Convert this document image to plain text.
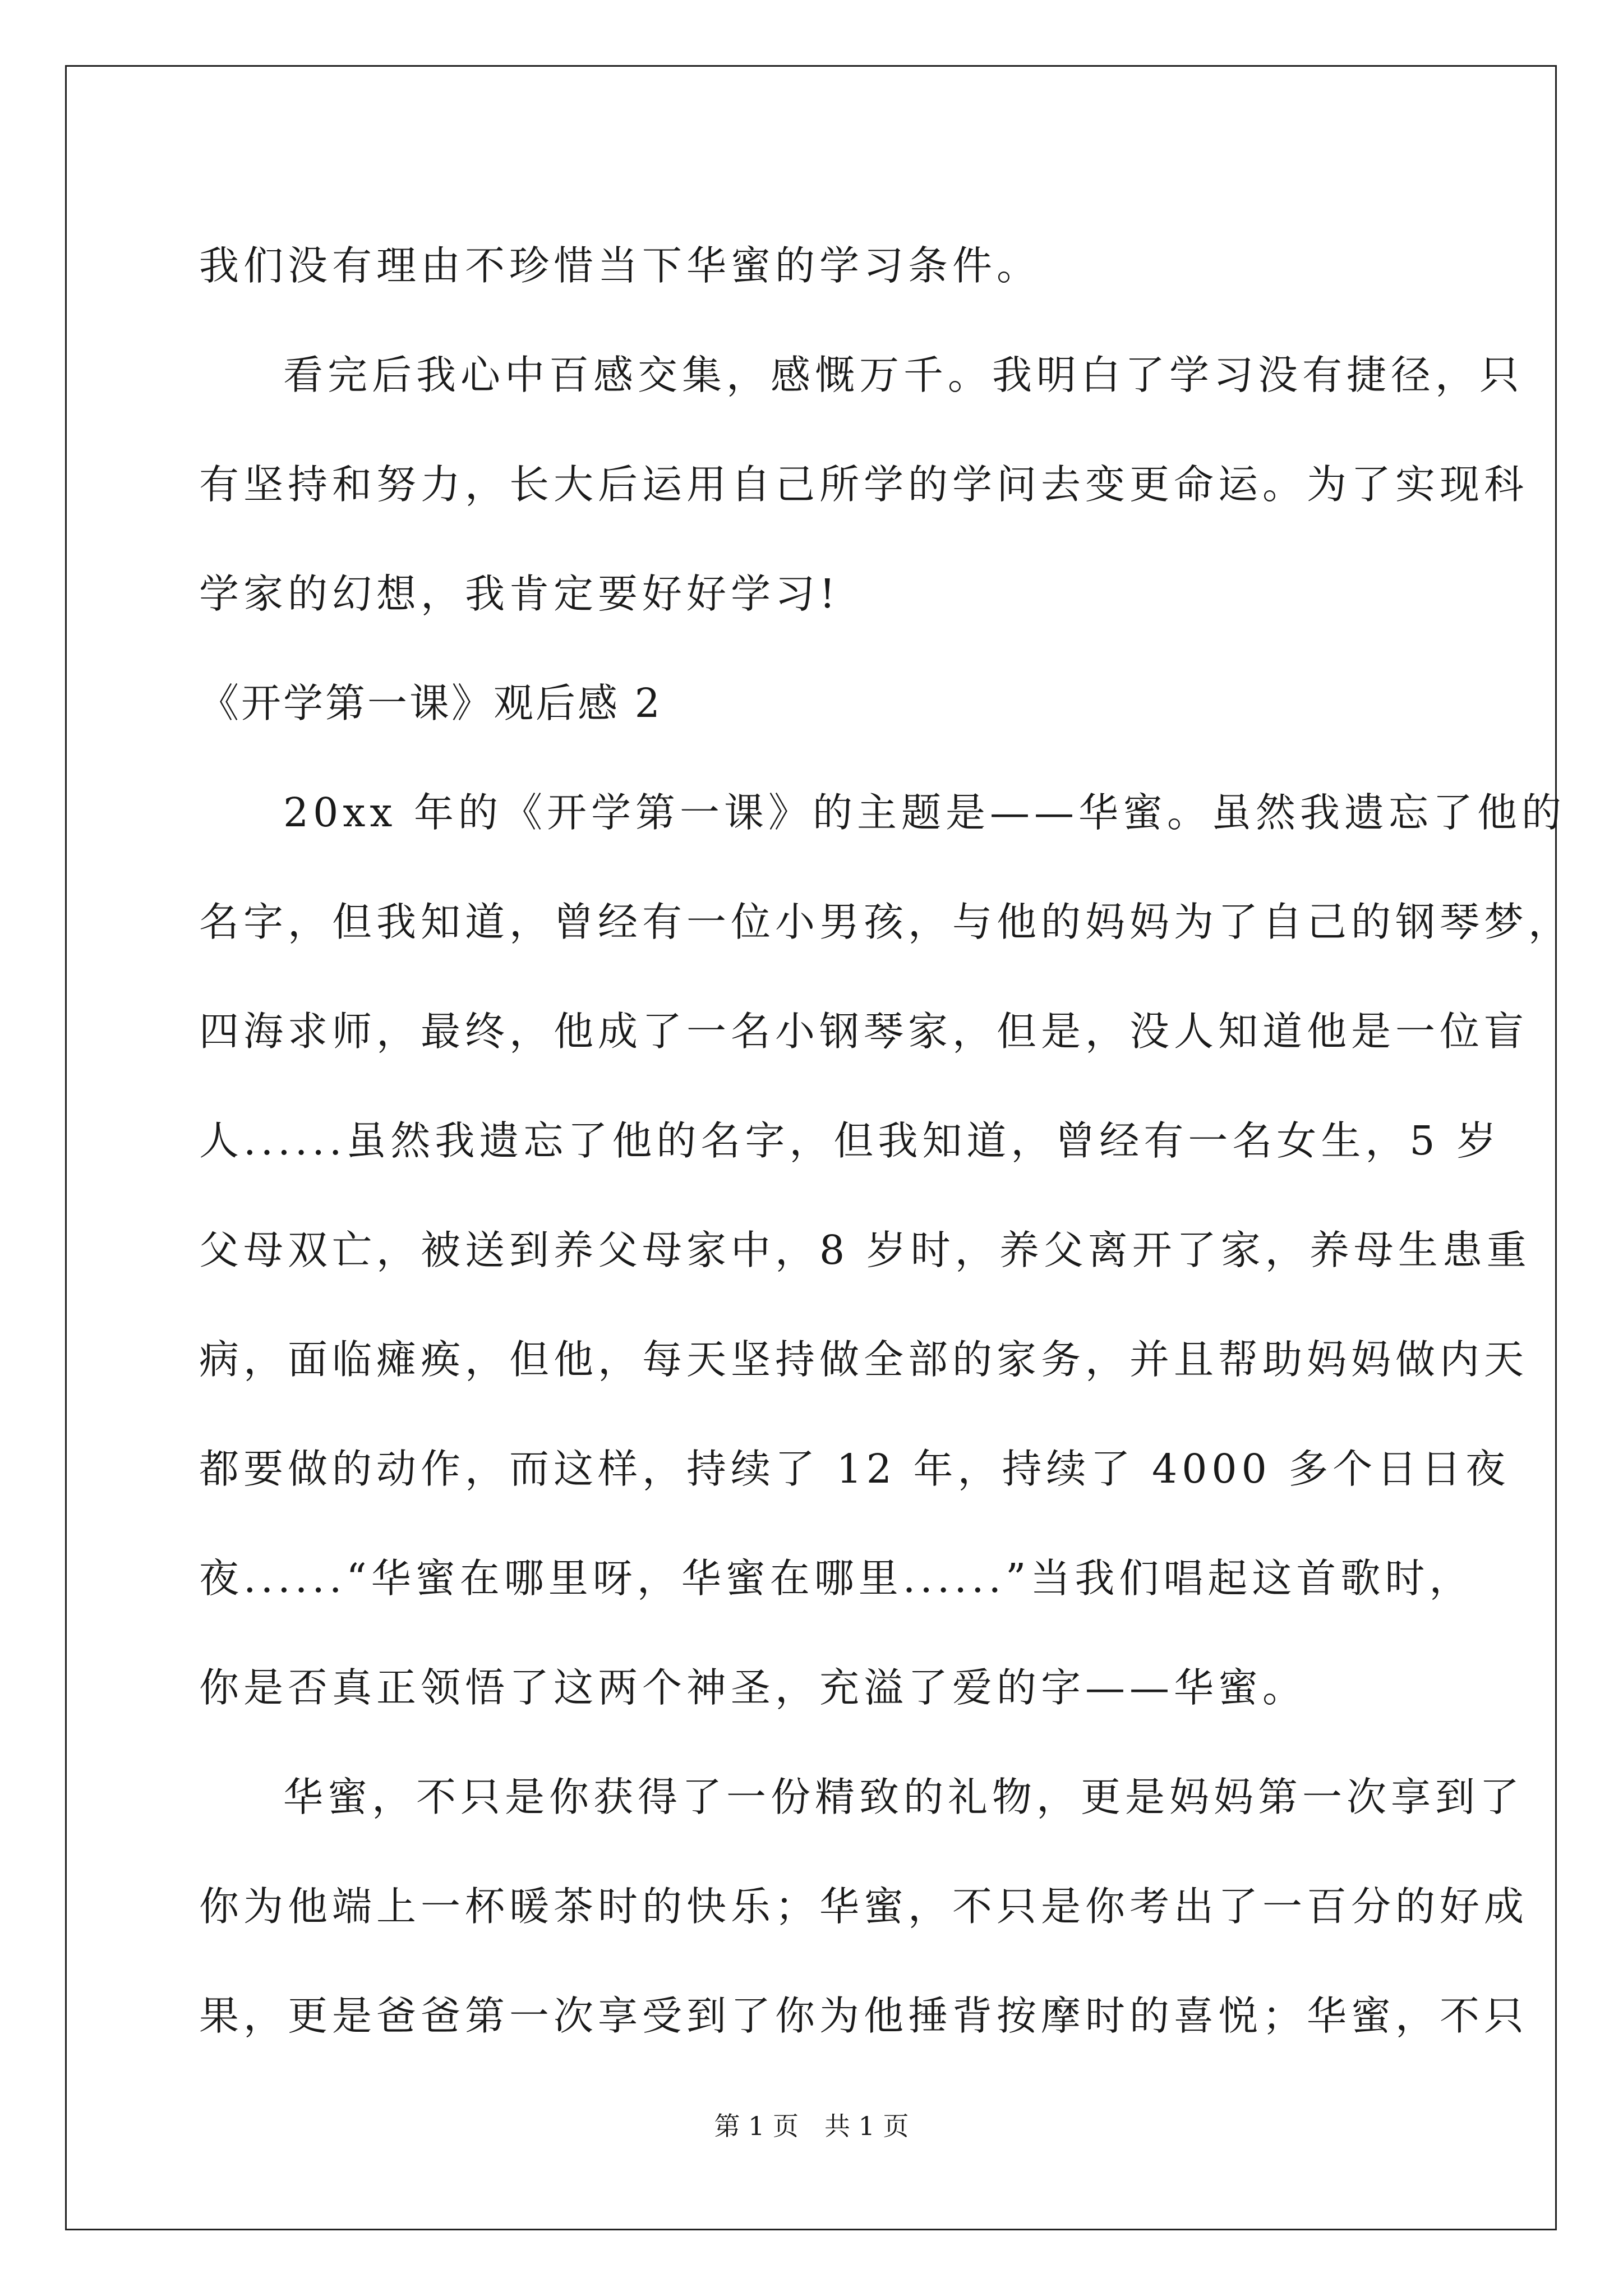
我们没有理由不珍惜当下华蜜的学习条件。
看完后我心中百感交集，感慨万千。我明白了学习没有捷径，只
有坚持和努力，长大后运用自己所学的学问去变更命运。为了实现科
学家的幻想，我肯定要好好学习!
《开学第一课》观后感 2
20xx 年的《开学第一课》的主题是——华蜜。虽然我遗忘了他的
名字，但我知道，曾经有一位小男孩，与他的妈妈为了自己的钢琴梦，
四海求师，最终，他成了一名小钢琴家，但是，没人知道他是一位盲
人......虽然我遗忘了他的名字，但我知道，曾经有一名女生，5 岁
父母双亡，被送到养父母家中，8 岁时，养父离开了家，养母生患重
病，面临瘫痪，但他，每天坚持做全部的家务，并且帮助妈妈做内天
都要做的动作，而这样，持续了 12 年，持续了 4000 多个日日夜
夜......“华蜜在哪里呀，华蜜在哪里......”当我们唱起这首歌时，
你是否真正领悟了这两个神圣，充溢了爱的字——华蜜。
华蜜，不只是你获得了一份精致的礼物，更是妈妈第一次享到了
你为他端上一杯暖茶时的快乐；华蜜，不只是你考出了一百分的好成
果，更是爸爸第一次享受到了你为他捶背按摩时的喜悦；华蜜，不只
第 1 页　共 1 页
